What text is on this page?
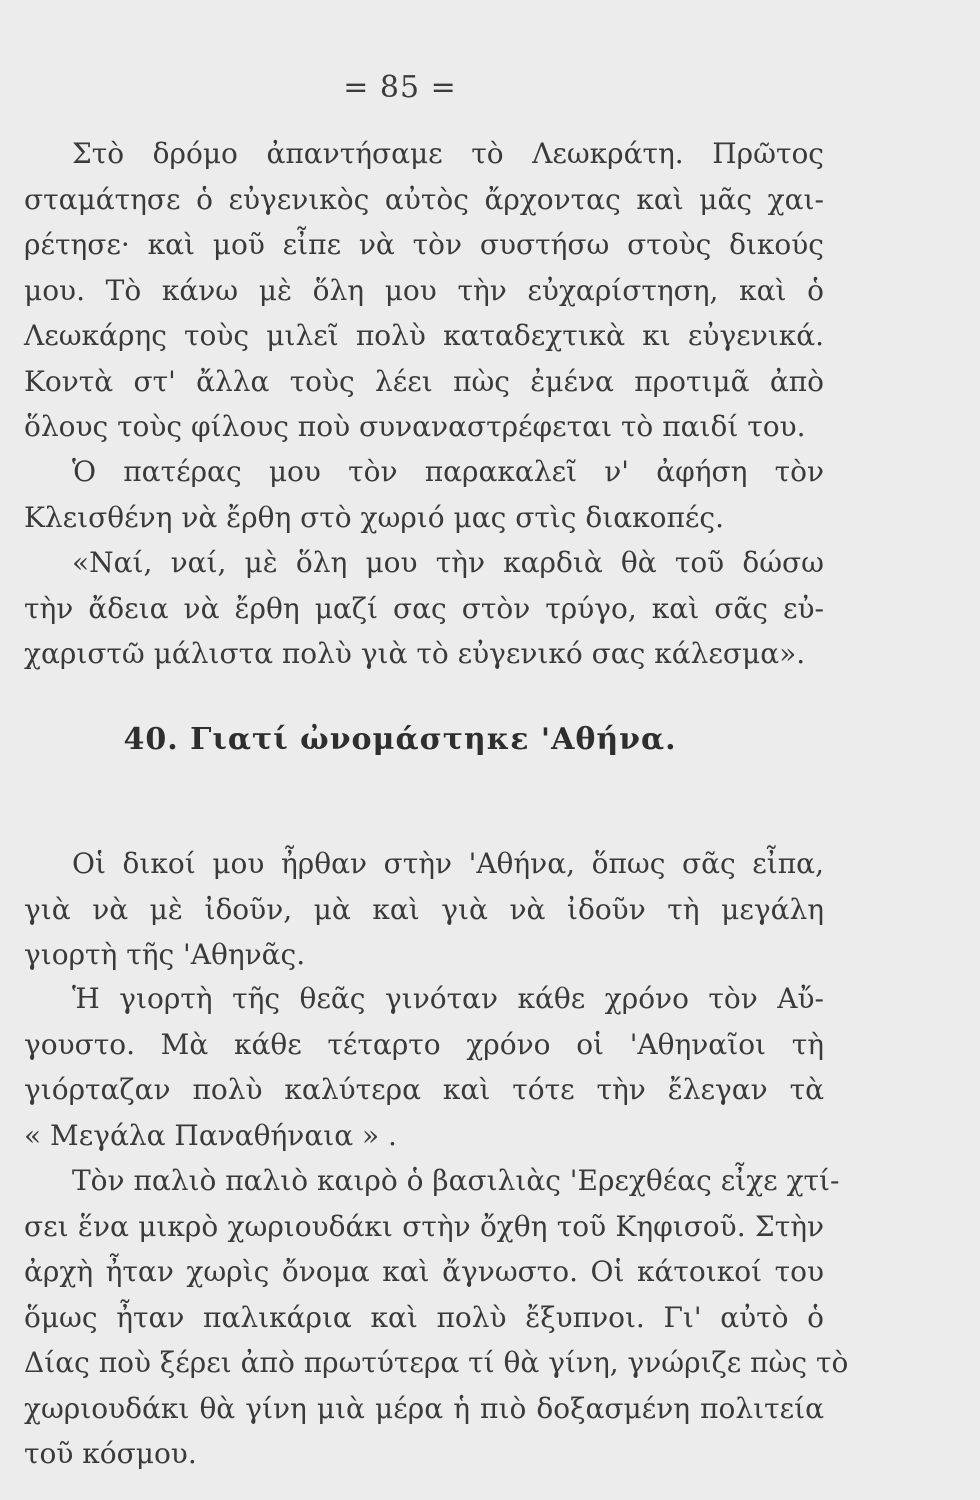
= 85 =
Στὸ δρόμο ἀπαντήσαμε τὸ Λεωκράτη. Πρῶτος
σταμάτησε ὁ εὐγενικὸς αὐτὸς ἄρχοντας καὶ μᾶς χαι-
ρέτησε· καὶ μοῦ εἶπε νὰ τὸν συστήσω στοὺς δικούς
μου. Τὸ κάνω μὲ ὅλη μου τὴν εὐχαρίστηση, καὶ ὁ
Λεωκάρης τοὺς μιλεῖ πολὺ καταδεχτικὰ κι εὐγενικά.
Κοντὰ στ' ἄλλα τοὺς λέει πὼς ἐμένα προτιμᾶ ἀπὸ
ὅλους τοὺς φίλους ποὺ συναναστρέφεται τὸ παιδί του.
Ὁ πατέρας μου τὸν παρακαλεῖ ν' ἀφήση τὸν
Κλεισθένη νὰ ἔρθη στὸ χωριό μας στὶς διακοπές.
«Ναί, ναί, μὲ ὅλη μου τὴν καρδιὰ θὰ τοῦ δώσω
τὴν ἄδεια νὰ ἔρθη μαζί σας στὸν τρύγο, καὶ σᾶς εὐ-
χαριστῶ μάλιστα πολὺ γιὰ τὸ εὐγενικό σας κάλεσμα».
40. Γιατί ὠνομάστηκε 'Αθήνα.
Οἱ δικοί μου ἦρθαν στὴν 'Αθήνα, ὅπως σᾶς εἶπα,
γιὰ νὰ μὲ ἰδοῦν, μὰ καὶ γιὰ νὰ ἰδοῦν τὴ μεγάλη
γιορτὴ τῆς 'Αθηνᾶς.
Ἡ γιορτὴ τῆς θεᾶς γινόταν κάθε χρόνο τὸν Αὔ-
γουστο. Μὰ κάθε τέταρτο χρόνο οἱ 'Αθηναῖοι τὴ
γιόρταζαν πολὺ καλύτερα καὶ τότε τὴν ἔλεγαν τὰ
« Μεγάλα Παναθήναια » .
Τὸν παλιὸ παλιὸ καιρὸ ὁ βασιλιὰς 'Ερεχθέας εἶχε χτί-
σει ἕνα μικρὸ χωριουδάκι στὴν ὄχθη τοῦ Κηφισοῦ. Στὴν
ἀρχὴ ἦταν χωρὶς ὄνομα καὶ ἄγνωστο. Οἱ κάτοικοί του
ὅμως ἦταν παλικάρια καὶ πολὺ ἔξυπνοι. Γι' αὐτὸ ὁ
Δίας ποὺ ξέρει ἀπὸ πρωτύτερα τί θὰ γίνη, γνώριζε πὼς τὸ
χωριουδάκι θὰ γίνη μιὰ μέρα ἡ πιὸ δοξασμένη πολιτεία
τοῦ κόσμου.
